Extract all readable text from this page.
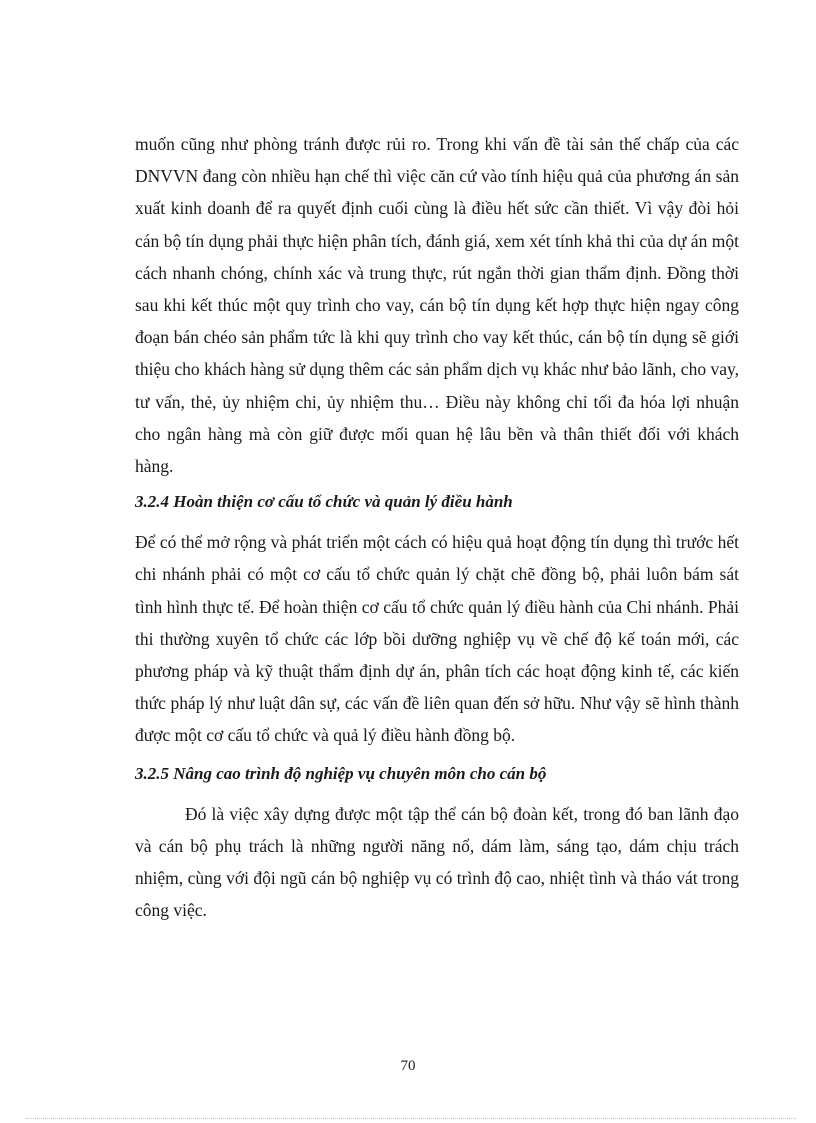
muốn cũng như phòng tránh được rủi ro. Trong khi vấn đề tài sản thế chấp của các DNVVN đang còn nhiều hạn chế thì việc căn cứ vào tính hiệu quả của phương án sản xuất kinh doanh để ra quyết định cuối cùng là điều hết sức cần thiết. Vì vậy đòi hỏi cán bộ tín dụng phải thực hiện phân tích, đánh giá, xem xét tính khả thi của dự án một cách nhanh chóng, chính xác và trung thực, rút ngắn thời gian thẩm định. Đồng thời sau khi kết thúc một quy trình cho vay, cán bộ tín dụng kết hợp thực hiện ngay công đoạn bán chéo sản phẩm tức là khi quy trình cho vay kết thúc, cán bộ tín dụng sẽ giới thiệu cho khách hàng sử dụng thêm các sản phẩm dịch vụ khác như bảo lãnh, cho vay, tư vấn, thẻ, ủy nhiệm chi, ủy nhiệm thu… Điều này không chỉ tối đa hóa lợi nhuận cho ngân hàng mà còn giữ được mối quan hệ lâu bền và thân thiết đối với khách hàng.

3.2.4 Hoàn thiện cơ cấu tổ chức và quản lý điều hành

Để có thể mở rộng và phát triển một cách có hiệu quả hoạt động tín dụng thì trước hết chi nhánh phải có một cơ cấu tổ chức quản lý chặt chẽ đồng bộ, phải luôn bám sát tình hình thực tế. Để hoàn thiện cơ cấu tổ chức quản lý điều hành của Chi nhánh. Phải thi thường xuyên tổ chức các lớp bồi dưỡng nghiệp vụ về chế độ kế toán mới, các phương pháp và kỹ thuật thẩm định dự án, phân tích các hoạt động kinh tế, các kiến thức pháp lý như luật dân sự, các vấn đề liên quan đến sở hữu. Như vậy sẽ hình thành được một cơ cấu tổ chức và quả lý điều hành đồng bộ.

3.2.5 Nâng cao trình độ nghiệp vụ chuyên môn cho cán bộ

Đó là việc xây dựng được một tập thể cán bộ đoàn kết, trong đó ban lãnh đạo và cán bộ phụ trách là những người năng nổ, dám làm, sáng tạo, dám chịu trách nhiệm, cùng với đội ngũ cán bộ nghiệp vụ có trình độ cao, nhiệt tình và tháo vát trong công việc.

70
